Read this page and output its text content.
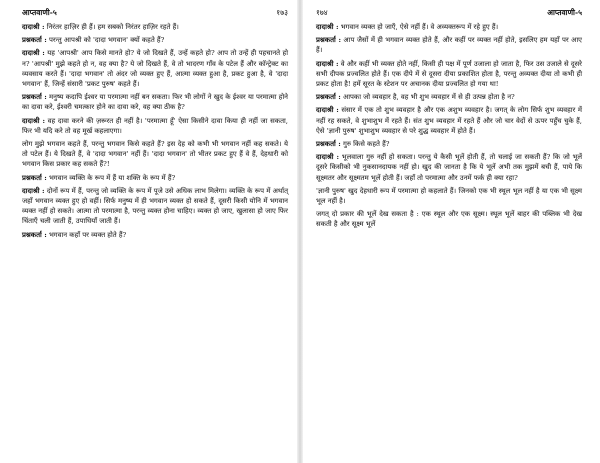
आप्तवाणी-५	१७३

दादाश्री : निरंतर हाज़िर ही हैं। हम सबको निरंतर हाज़िर रहते हैं।

प्रश्नकर्ता : परन्तु आपश्री को 'दादा भगवान' क्यों कहते हैं?

दादाश्री : यह 'आपश्री' आप किसे मानते हो? ये जो दिखते हैं, उन्हें कहते हो? आप तो उन्हें ही पहचानते हो न? 'आपश्री' मुझे कहते हो न, वह क्या है? ये जो दिखते हैं, वे तो भादरण गाँव के पटेल हैं और कॉन्ट्रेक्ट का व्यवसाय करते हैं। 'दादा भगवान' तो अंदर जो व्यक्त हुए हैं, आत्मा व्यक्त हुआ है, प्रकट हुआ है, वे 'दादा भगवान' हैं, जिन्हें संसारी 'प्रकट पुरुष' कहते हैं।

प्रश्नकर्ता : मनुष्य कदापि ईश्वर या परमात्मा नहीं बन सकता। फिर भी लोगों ने खुद के ईश्वर या परमात्मा होने का दावा करे, ईश्वरी चमत्कार होने का दावा करे, वह क्या ठीक है?

दादाश्री : वह दावा करने की ज़रूरत ही नहीं है। 'परमात्मा हूँ' ऐसा किसीने दावा किया ही नहीं जा सकता, फिर भी यदि करे तो वह मूर्ख कहलाएगा।

लोग मुझे भगवान कहते हैं, परन्तु भगवान किसे कहते हैं? इस देह को कभी भी भगवान नहीं कह सकते। ये तो पटेल हैं। ये दिखते हैं, वे 'दादा भगवान' नहीं हैं। 'दादा भगवान' तो भीतर प्रकट हुए हैं वे हैं, देहधारी को भगवान किस प्रकार कह सकते हैं?!

प्रश्नकर्ता : भगवान व्यक्ति के रूप में हैं या शक्ति के रूप में हैं?

दादाश्री : दोनों रूप में हैं, परन्तु जो व्यक्ति के रूप में पूजे उसे अधिक लाभ मिलेगा। व्यक्ति के रूप में अर्थात् जहाँ भगवान व्यक्त हुए हो वहीं। सिर्फ मनुष्य में ही भगवान व्यक्त हो सकते हैं, दूसरी किसी योनि में भगवान व्यक्त नहीं हो सकते। आत्मा तो परमात्मा है, परन्तु व्यक्त होना चाहिए। व्यक्त हो जाए, खुलासा हो जाए फिर चिंताएँ चली जाती हैं, उपाधियाँ जाती हैं।

प्रश्नकर्ता : भगवान कहाँ पर व्यक्त होते हैं?

१७४	आप्तवाणी-५

दादाश्री : भगवान व्यक्त हो जाएँ, ऐसे नहीं हैं। वे अव्यक्तरूप में रहे हुए हैं।

प्रश्नकर्ता : आप जैसों में ही भगवान व्यक्त होते हैं, और कहीं पर व्यक्त नहीं होते, इसलिए हम यहाँ पर आए हैं।

दादाश्री : वे और कहीं भी व्यक्त होते नहीं, किसी ही पक्ष में पूर्ण उजाला हो जाता है, फिर उस उजाले से दूसरे सभी दीपक प्रज्वलित होते हैं। एक दीपे में से दूसरा दीया प्रकाशित होता है, परन्तु अव्यक्त दीया तो कभी ही प्रकट होता है! हमें सूरत के स्टेशन पर अचानक दीया प्रज्वलित हो गया था!

प्रश्नकर्ता : आपका जो व्यवहार है, वह भी शुभ व्यवहार में से ही उत्पन्न होता है न?

दादाश्री : संसार में एक तो शुभ व्यवहार है और एक अशुभ व्यवहार है। जगत् के लोग सिर्फ शुभ व्यवहार में नहीं रह सकते, वे शुभाशुभ में रहते हैं। संत शुभ व्यवहार में रहते हैं और जो चार वेदों से ऊपर पहुँच चुके हैं, ऐसे 'ज्ञानी पुरुष' शुभाशुभ व्यवहार से परे शुद्ध व्यवहार में होते हैं।

प्रश्नकर्ता : गुरु किसे कहते हैं?

दादाश्री : भूलवाला गुरु नहीं हो सकता। परन्तु ये कैसी भूलें होती हैं, तो चलाई जा सकती हैं? कि जो भूलें दूसरे किसीको भी नुकसानदायक नहीं हो। खुद की जानता है कि ये भूलें अभी तक मुझमें बची हैं, पाये कि सूक्ष्मतर और सूक्ष्मतम भूलें होती हैं। जहाँ तो परमात्मा और उनमें फर्क ही क्या रहा?

'ज्ञानी पुरुष' खुद देहधारी रूप में परमात्मा हो कहलाते हैं। जिनको एक भी स्थूल भूल नहीं है या एक भी सूक्ष्म भूल नहीं है।

जगत् दो प्रकार की भूलें देख सकता है : एक स्थूल और एक सूक्ष्म। स्थूल भूलें बाहर की पब्लिक भी देख सकती है और सूक्ष्म भूलें
